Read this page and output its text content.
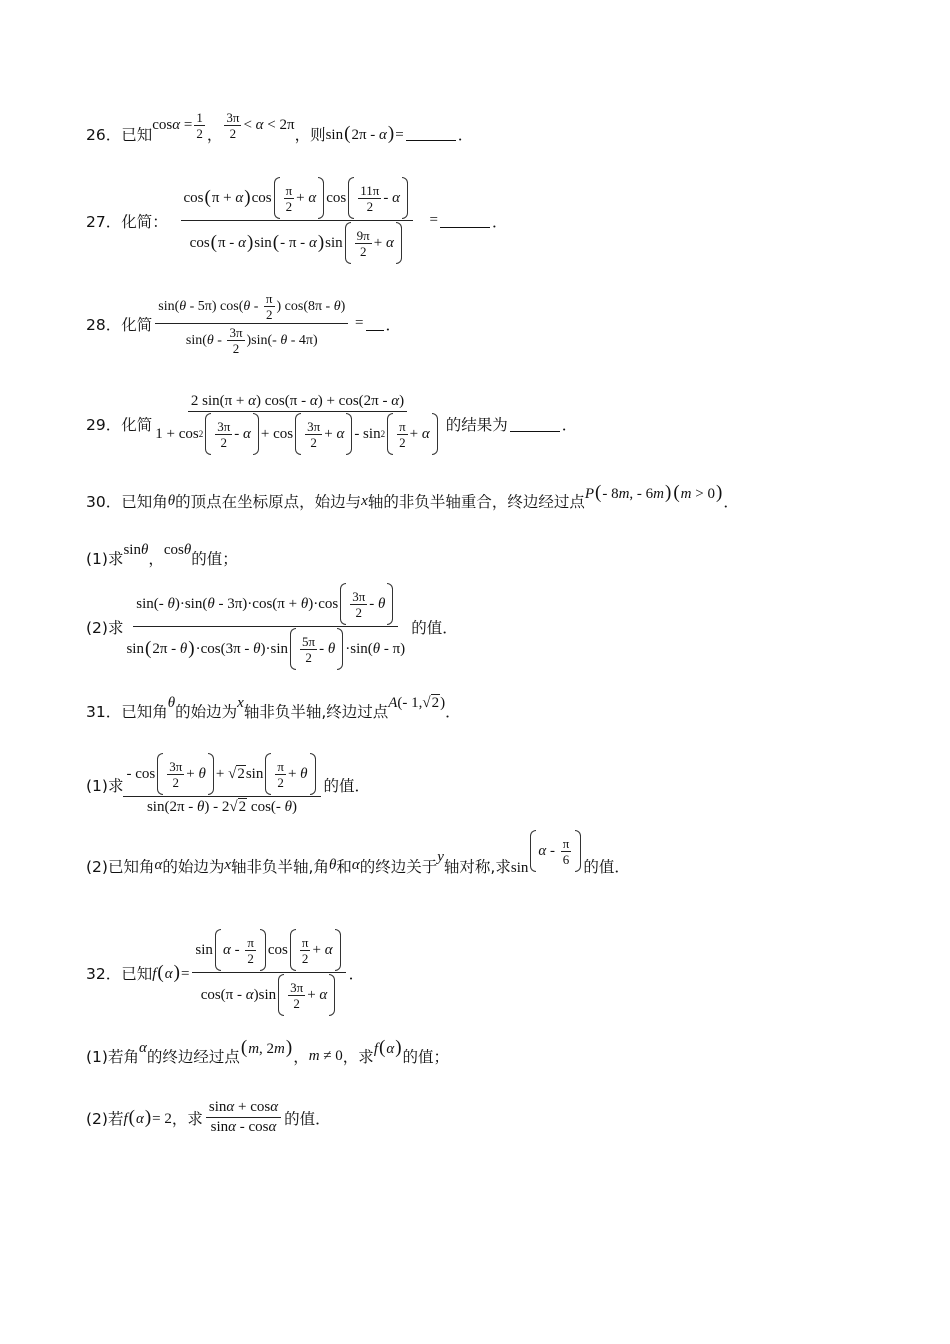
26． 已知
$\cos\alpha = \frac{1}{2}$ ，
3π
2
< α < 2π
，则 sin(2π - α)=	．
27． 化简： cos ( π + α ) cos π
2
+ α cos 11π
2
- α
cos ( π - α ) sin ( - π - α ) sin 9π
2
+ α =	．
28． 化简 sin( θ - 5π) cos( θ - π
2
) cos(8π - θ )
sin( θ - 3π
2
)sin(- θ - 4π) = ．
29． 化简 2 sin(π + α ) cos(π - α ) + cos(2π - α )
1 + cos 2
3π
2
- α + cos 3π
2
+ α - sin 2
π
2
+ α 的结果为	．
30． 已知角 θ 的顶点在坐标原点，始边与 x 轴的非负半轴重合，终边经过点 P(- 8m, - 6m) (m > 0) ．
(1)求
sinθ
，
cosθ
的值；
(2)求 sin(- θ )·sin( θ - 3π)·cos(π + θ )·cos 3π
2
- θ
sin ( 2π - θ ) ·cos(3π - θ )·sin 5π
2
- θ ·sin( θ - π) 的值．
31． 已知角
θ
的始边为
x
轴非负半轴,终边过点
A(- 1,√2)
．
(1)求 - cos 3π
2
+ θ + √ 2 sin π
2
+ θ
sin(2π - θ ) - 2√ 2 cos(- θ ) 的值．
(2)已知角 α 的始边为 x 轴非负半轴,角 θ 和 α 的终边关于
y
轴对称,求 sin
α - π
6 的值．
32． 已知 f(α)= sin α - π
2
cos π
2
+ α
cos(π - α )sin 3π
2
+ α ．
(1)若角
α
的终边经过点 (m, 2m) ， m ≠ 0 ，求 f(α) 的值；
(2)若 f(α)= 2 ，求 $\frac{\text{sin α + cos α}}{\text{sin α - cos α}}$ 的值．
